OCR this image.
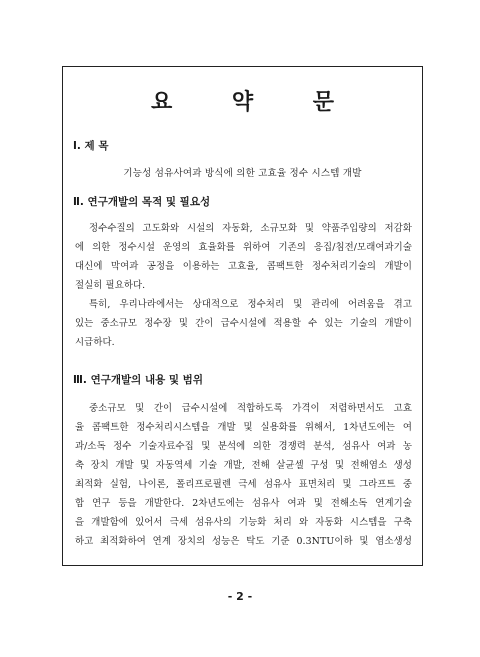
요 약 문
Ⅰ. 제 목
기능성 섬유사여과 방식에 의한 고효율 정수 시스템 개발
Ⅱ. 연구개발의 목적 및 필요성
정수수질의 고도화와 시설의 자동화, 소규모화 및 약품주입량의 저감화
에 의한 정수시설 운영의 효율화를 위하여 기존의 응집/침전/모래여과기술
대신에 막여과 공정을 이용하는 고효율, 콤팩트한 정수처리기술의 개발이
절실히 필요하다.
특히, 우리나라에서는 상대적으로 정수처리 및 관리에 어려움을 겪고
있는 중소규모 정수장 및 간이 급수시설에 적용할 수 있는 기술의 개발이
시급하다.
Ⅲ. 연구개발의 내용 및 범위
중소규모 및 간이 급수시설에 적합하도록 가격이 저렴하면서도 고효
율 콤팩트한 정수처리시스템을 개발 및 실용화를 위해서, 1차년도에는 여
과/소독 정수 기술자료수집 및 분석에 의한 경쟁력 분석, 섬유사 여과 농
축 장치 개발 및 자동역세 기술 개발, 전해 살균셀 구성 및 전해염소 생성
최적화 실험, 나이론, 폴리프로필렌 극세 섬유사 표면처리 및 그라프트 중
합 연구 등을 개발한다. 2차년도에는 섬유사 여과 및 전해소독 연계기술
을 개발함에 있어서 극세 섬유사의 기능화 처리 와 자동화 시스템을 구축
하고 최적화하여 연계 장치의 성능은 탁도 기준 0.3NTU이하 및 염소생성
- 2 -
